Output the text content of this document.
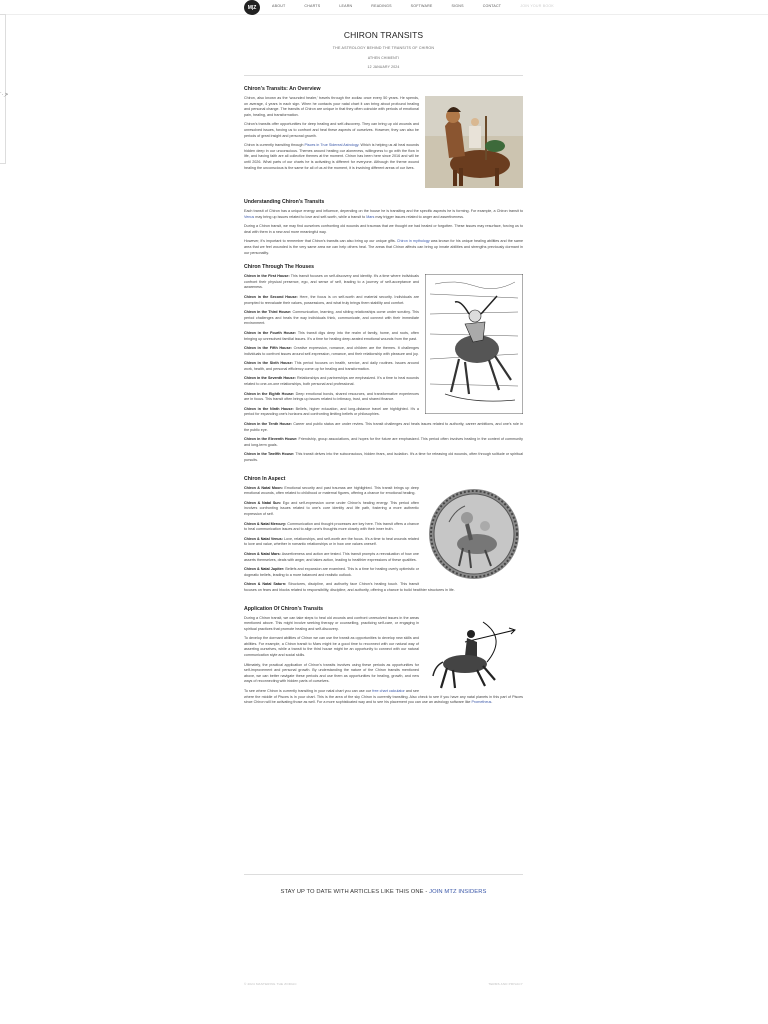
M|Z	ABOUT	CHARTS	LEARN	READINGS	SOFTWARE	SIGNS	CONTACT	JOIN YOUR BOOK
⋱>
CHIRON TRANSITS
THE ASTROLOGY BEHIND THE TRANSITS OF CHIRON
ATHEN CHIMENTI
12 JANUARY 2024
Chiron's Transits: An Overview

Chiron, also known as the 'wounded healer,' travels through the zodiac once every 50 years. He spends, on average, 4 years in each sign. When he contacts your natal chart it can bring about profound healing and personal change. The transits of Chiron are unique in that they often coincide with periods of emotional pain, healing, and transformation.

Chiron's transits offer opportunities for deep healing and self-discovery. They can bring up old wounds and unresolved issues, forcing us to confront and heal these aspects of ourselves. However, they can also be periods of great insight and personal growth.

Chiron is currently transiting through Pisces in True Sidereal Astrology. Which is helping us all heal wounds hidden deep in our unconscious. Themes around healing our aloneness, willingness to go with the flow in life, and having faith are all collective themes at the moment. Chiron has been here since 2016 and will be until 2026. What parts of our charts he is activating is different for everyone. Although the theme wound healing the unconscious is the same for all of us at the moment, it is involving different areas of our lives.

Understanding Chiron's Transits

Each transit of Chiron has a unique energy and influence, depending on the house he is transiting and the specific aspects he is forming. For example, a Chiron transit to Venus may bring up issues related to love and self-worth, while a transit to Mars may trigger issues related to anger and assertiveness.

During a Chiron transit, we may find ourselves confronting old wounds and traumas that we thought we had healed or forgotten. These issues may resurface, forcing us to deal with them in a new and more meaningful way.

However, it's important to remember that Chiron's transits can also bring up our unique gifts. Chiron in mythology was known for his unique healing abilities and the same area that we feel wounded is the very same area we can help others heal. The areas that Chiron affects can bring up innate abilities and strengths previously dormant in our personality.

Chiron Through The Houses

Chiron in the First House: This transit focuses on self-discovery and identity. It's a time where individuals confront their physical presence, ego, and sense of self, leading to a journey of self-acceptance and awareness.

Chiron in the Second House: Here, the focus is on self-worth and material security. Individuals are prompted to reevaluate their values, possessions, and what truly brings them stability and comfort.

Chiron in the Third House: Communication, learning, and sibling relationships come under scrutiny. This period challenges and heals the way individuals think, communicate, and connect with their immediate environment.

Chiron in the Fourth House: This transit digs deep into the realm of family, home, and roots, often bringing up unresolved familial issues. It's a time for healing deep-seated emotional wounds from the past.

Chiron in the Fifth House: Creative expression, romance, and children are the themes. It challenges individuals to confront issues around self-expression, romance, and their relationship with pleasure and joy.

Chiron in the Sixth House: This period focuses on health, service, and daily routines. Issues around work, health, and personal efficiency come up for healing and transformation.

Chiron in the Seventh House: Relationships and partnerships are emphasized. It's a time to heal wounds related to one-on-one relationships, both personal and professional.

Chiron in the Eighth House: Deep emotional bonds, shared resources, and transformative experiences are in focus. This transit often brings up issues related to intimacy, trust, and shared finance.

Chiron in the Ninth House: Beliefs, higher education, and long-distance travel are highlighted. It's a period for expanding one's horizons and confronting limiting beliefs or philosophies.

Chiron in the Tenth House: Career and public status are under review. This transit challenges and heals issues related to authority, career ambitions, and one's role in the public eye.

Chiron in the Eleventh House: Friendship, group associations, and hopes for the future are emphasized. This period often involves healing in the context of community and long-term goals.

Chiron in the Twelfth House: This transit delves into the subconscious, hidden fears, and isolation. It's a time for releasing old wounds, often through solitude or spiritual pursuits.

Chiron In Aspect

Chiron & Natal Moon: Emotional security and past traumas are highlighted. This transit brings up deep emotional wounds, often related to childhood or maternal figures, offering a chance for emotional healing.

Chiron & Natal Sun: Ego and self-expression come under Chiron's healing energy. This period often involves confronting issues related to one's core identity and life path, fostering a more authentic expression of self.

Chiron & Natal Mercury: Communication and thought processes are key here. This transit offers a chance to heal communication issues and to align one's thoughts more closely with their inner truth.

Chiron & Natal Venus: Love, relationships, and self-worth are the focus. It's a time to heal wounds related to love and value, whether in romantic relationships or in how one values oneself.

Chiron & Natal Mars: Assertiveness and action are tested. This transit prompts a reevaluation of how one asserts themselves, deals with anger, and takes action, leading to healthier expressions of these qualities.

Chiron & Natal Jupiter: Beliefs and expansion are examined. This is a time for healing overly optimistic or dogmatic beliefs, leading to a more balanced and realistic outlook.

Chiron & Natal Saturn: Structures, discipline, and authority face Chiron's healing touch. This transit focuses on fears and blocks related to responsibility, discipline, and authority, offering a chance to build healthier structures in life.

Application Of Chiron's Transits

During a Chiron transit, we can take steps to heal old wounds and confront unresolved issues in the areas mentioned above. This might involve seeking therapy or counselling, practicing self-care, or engaging in spiritual practices that promote healing and self-discovery.

To develop the dormant abilities of Chiron we can use the transit as opportunities to develop new skills and abilities. For example, a Chiron transit to Mars might be a good time to reconnect with our natural way of asserting ourselves, while a transit to the third house might be an opportunity to connect with our natural communication style and social skills.

Ultimately, the practical application of Chiron's transits involves using these periods as opportunities for self-improvement and personal growth. By understanding the nature of the Chiron transits mentioned above, we can better navigate these periods and use them as opportunities for healing, growth, and new ways of reconnecting with hidden parts of ourselves.

To see where Chiron is currently transiting in your natal chart you can use our free chart calculator and see where the middle of Pisces is in your chart. This is the area of the sky Chiron is currently transiting. Also check to see if you have any natal planets in this part of Pisces since Chiron will be activating those as well. For a more sophisticated way and to see his placement you can use an astrology software like Prometheus.

STAY UP TO DATE WITH ARTICLES LIKE THIS ONE - JOIN MTZ INSIDERS
© 2024 MASTERING THE ZODIAC	TERMS AND PRIVACY
